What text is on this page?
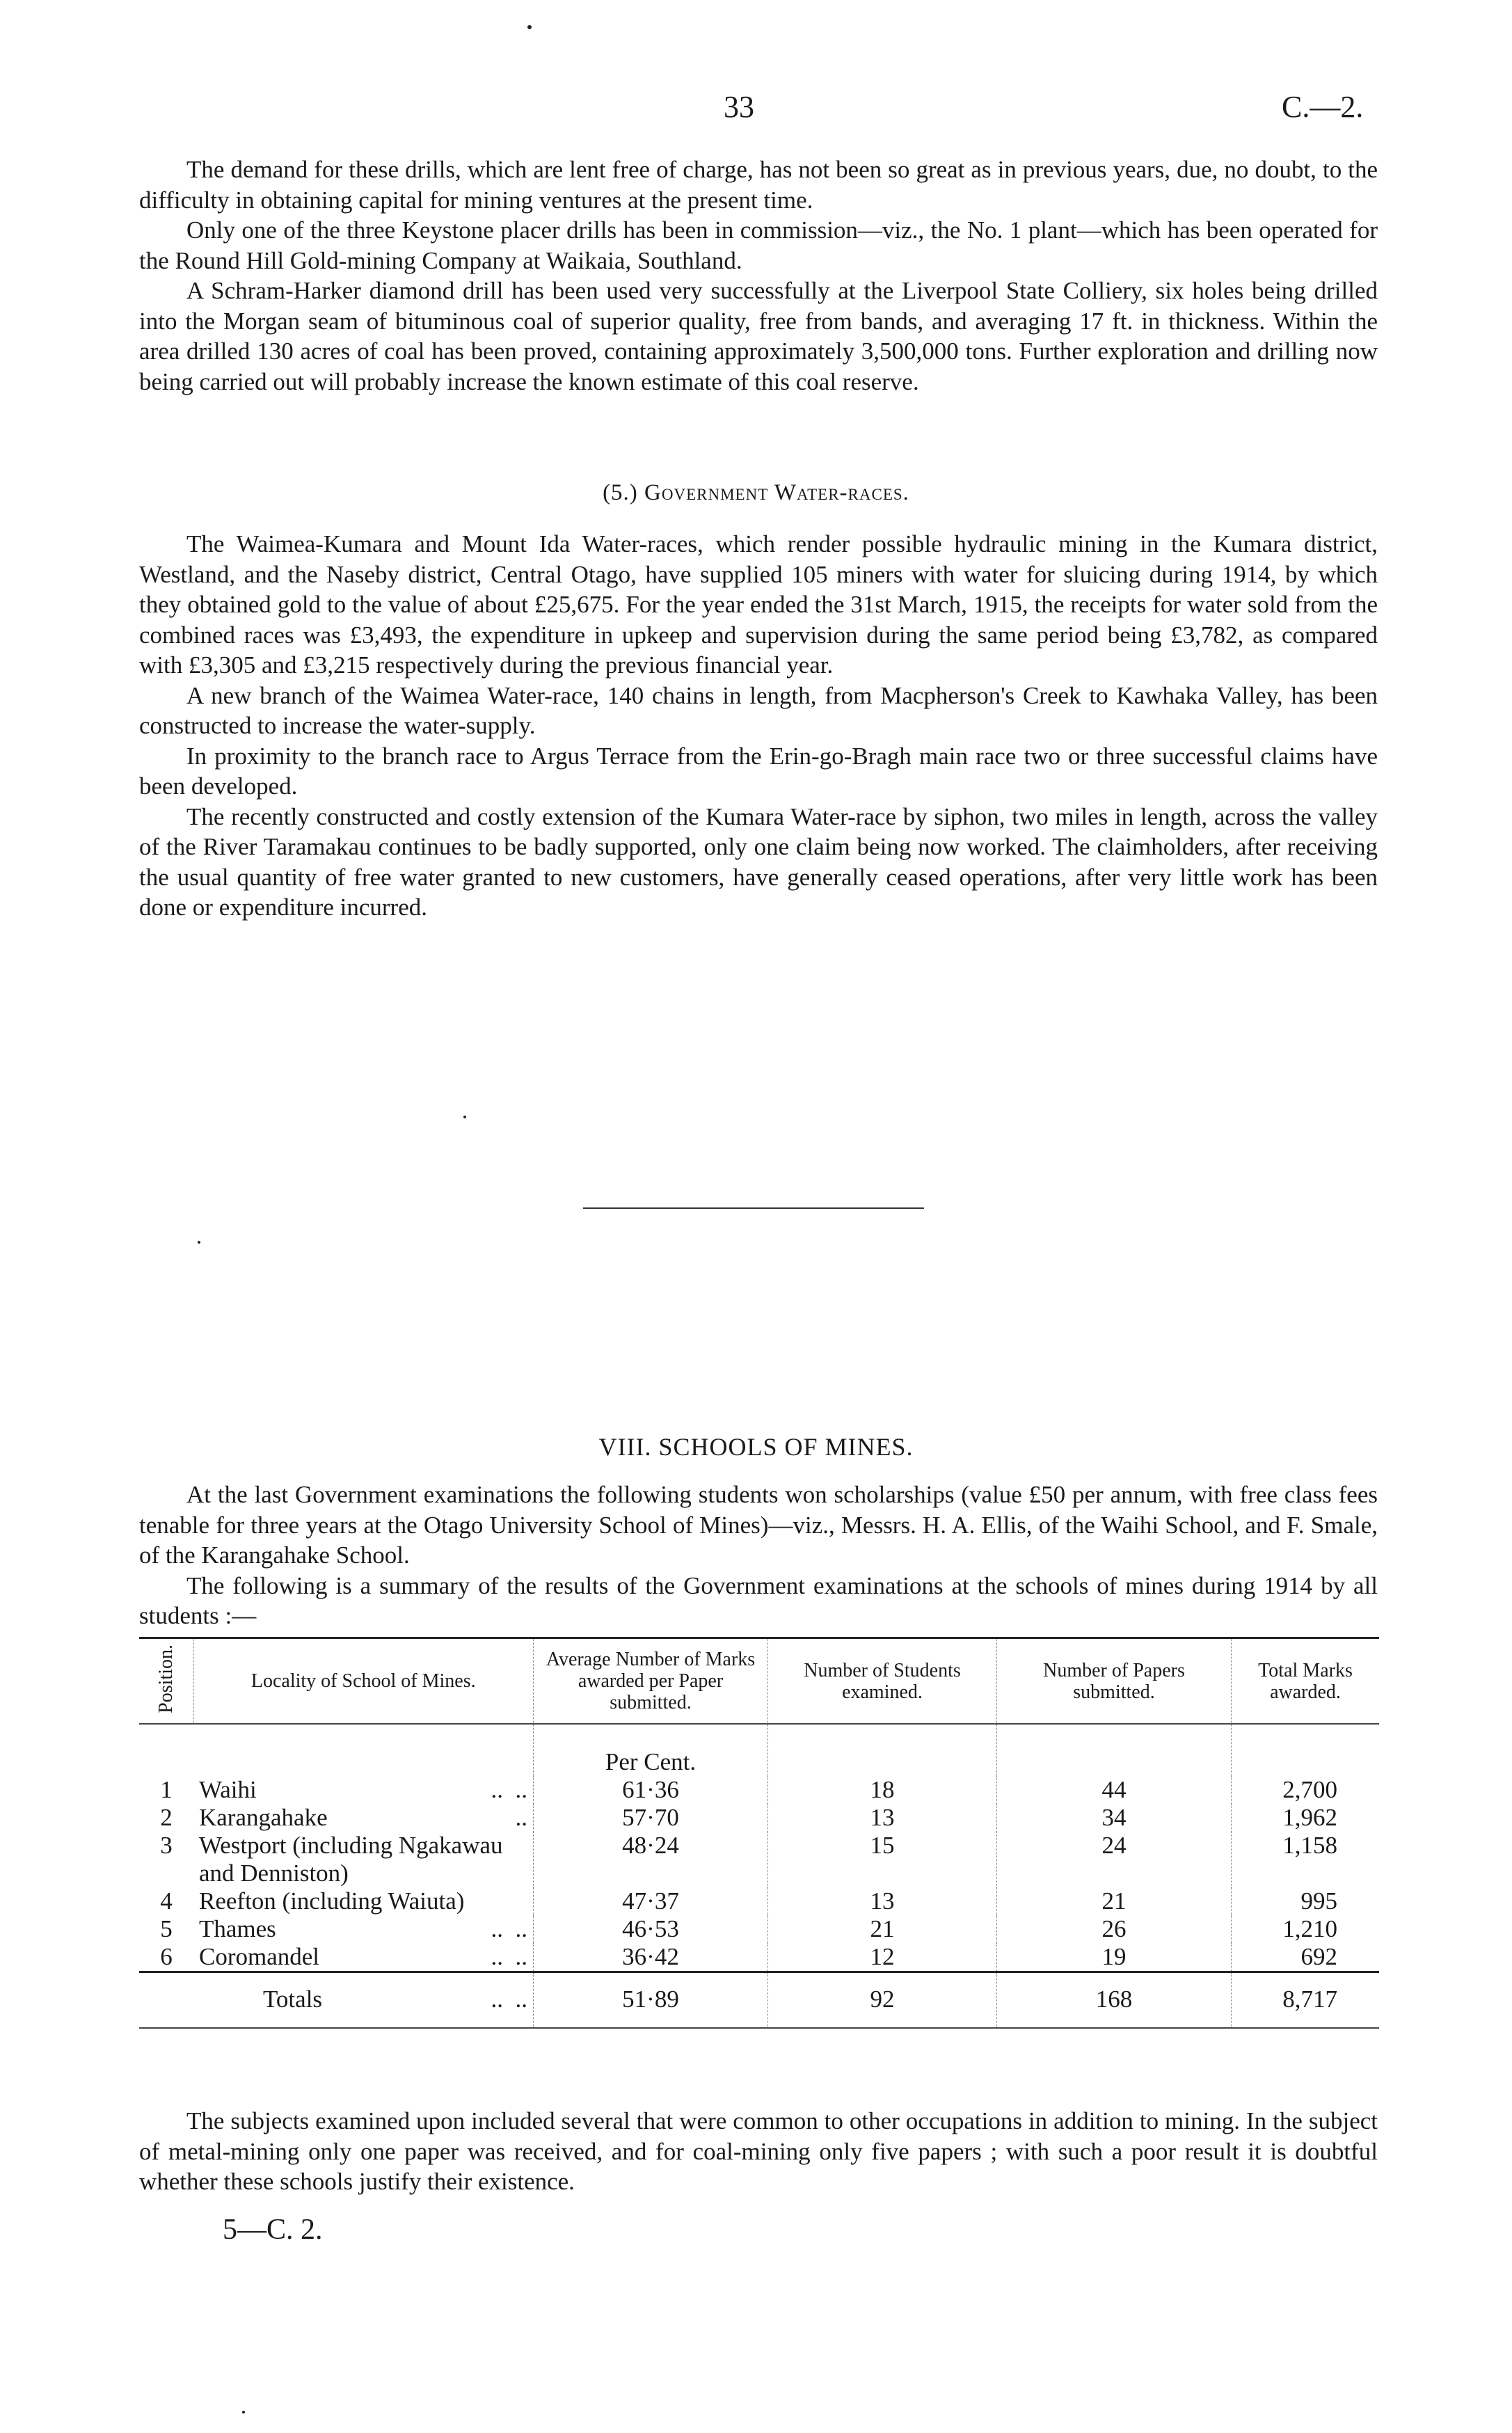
33	C.—2.

The demand for these drills, which are lent free of charge, has not been so great as in previous years, due, no doubt, to the difficulty in obtaining capital for mining ventures at the present time.

Only one of the three Keystone placer drills has been in commission—viz., the No. 1 plant—which has been operated for the Round Hill Gold-mining Company at Waikaia, Southland.

A Schram-Harker diamond drill has been used very successfully at the Liverpool State Colliery, six holes being drilled into the Morgan seam of bituminous coal of superior quality, free from bands, and averaging 17 ft. in thickness. Within the area drilled 130 acres of coal has been proved, containing approximately 3,500,000 tons. Further exploration and drilling now being carried out will probably increase the known estimate of this coal reserve.

(5.) Government Water-races.

The Waimea-Kumara and Mount Ida Water-races, which render possible hydraulic mining in the Kumara district, Westland, and the Naseby district, Central Otago, have supplied 105 miners with water for sluicing during 1914, by which they obtained gold to the value of about £25,675. For the year ended the 31st March, 1915, the receipts for water sold from the combined races was £3,493, the expenditure in upkeep and supervision during the same period being £3,782, as compared with £3,305 and £3,215 respectively during the previous financial year.

A new branch of the Waimea Water-race, 140 chains in length, from Macpherson's Creek to Kawhaka Valley, has been constructed to increase the water-supply.

In proximity to the branch race to Argus Terrace from the Erin-go-Bragh main race two or three successful claims have been developed.

The recently constructed and costly extension of the Kumara Water-race by siphon, two miles in length, across the valley of the River Taramakau continues to be badly supported, only one claim being now worked. The claimholders, after receiving the usual quantity of free water granted to new customers, have generally ceased operations, after very little work has been done or expenditure incurred.

VIII. SCHOOLS OF MINES.

At the last Government examinations the following students won scholarships (value £50 per annum, with free class fees tenable for three years at the Otago University School of Mines)—viz., Messrs. H. A. Ellis, of the Waihi School, and F. Smale, of the Karangahake School.

The following is a summary of the results of the Government examinations at the schools of mines during 1914 by all students :—

Position.	Locality of School of Mines.	Average Number of Marks awarded per Paper submitted.	Number of Students examined.	Number of Papers submitted.	Total Marks awarded.
		Per Cent.			
1	Waihi ..  ..	61·36	18	44	2,700
2	Karangahake ..	57·70	13	34	1,962
3	Westport (including Ngakawau and Denniston)	48·24	15	24	1,158
4	Reefton (including Waiuta)	47·37	13	21	995
5	Thames ..  ..	46·53	21	26	1,210
6	Coromandel ..  ..	36·42	12	19	692
	Totals ..  ..	51·89	92	168	8,717

The subjects examined upon included several that were common to other occupations in addition to mining. In the subject of metal-mining only one paper was received, and for coal-mining only five papers ; with such a poor result it is doubtful whether these schools justify their existence.

5—C. 2.
